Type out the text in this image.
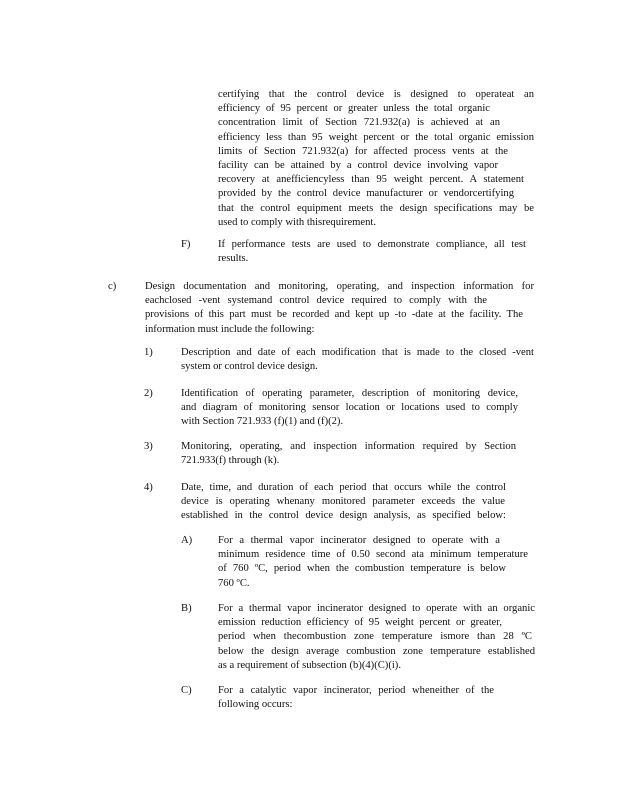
certifying that the control device is designed to operateat an
efficiency of 95 percent or greater unless the total organic
concentration limit of Section 721.932(a) is achieved at an
efficiency less than 95 weight percent or the total organic emission
limits of Section 721.932(a) for affected process vents at the
facility can be attained by a control device involving vapor
recovery at anefficiencyless than 95 weight percent. A statement
provided by the control device manufacturer or vendorcertifying
that the control equipment meets the design specifications may be
used to comply with thisrequirement.
F)	If performance tests are used to demonstrate compliance, all test
results.
c)	Design documentation and monitoring, operating, and inspection information for
eachclosed -vent systemand control device required to comply with the
provisions of this part must be recorded and kept up -to -date at the facility. The
information must include the following:
1)	Description and date of each modification that is made to the closed -vent
system or control device design.
2)	Identification of operating parameter, description of monitoring device,
and diagram of monitoring sensor location or locations used to comply
with Section 721.933 (f)(1) and (f)(2).
3)	Monitoring, operating, and inspection information required by Section
721.933(f) through (k).
4)	Date, time, and duration of each period that occurs while the control
device is operating whenany monitored parameter exceeds the value
established in the control device design analysis, as specified below:
A) For a thermal vapor incinerator designed to operate with a
minimum residence time of 0.50 second ata minimum temperature
of 760 ºC, period when the combustion temperature is below
760 ºC.
B) For a thermal vapor incinerator designed to operate with an organic
emission reduction efficiency of 95 weight percent or greater,
period when thecombustion zone temperature ismore than 28 ºC
below the design average combustion zone temperature established
as a requirement of subsection (b)(4)(C)(i).
C) For a catalytic vapor incinerator, period wheneither of the
following occurs:
